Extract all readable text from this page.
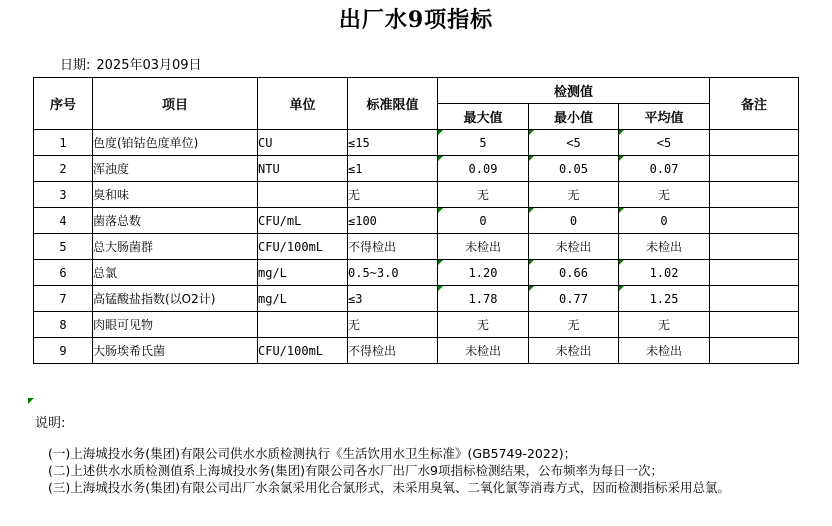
出厂水9项指标
日期: 2025年03月09日
序号	项目	单位	标准限值	检测值			备注
				最大值	最小值	平均值	
1	色度(铂钴色度单位)	CU	≤15	5	<5	<5	
2	浑浊度	NTU	≤1	0.09	0.05	0.07	
3	臭和味		无	无	无	无	
4	菌落总数	CFU/mL	≤100	0	0	0	
5	总大肠菌群	CFU/100mL	不得检出	未检出	未检出	未检出	
6	总氯	mg/L	0.5~3.0	1.20	0.66	1.02	
7	高锰酸盐指数(以O2计)	mg/L	≤3	1.78	0.77	1.25	
8	肉眼可见物		无	无	无	无	
9	大肠埃希氏菌	CFU/100mL	不得检出	未检出	未检出	未检出	
说明:
(一)上海城投水务(集团)有限公司供水水质检测执行《生活饮用水卫生标准》(GB5749-2022)；
(二)上述供水水质检测值系上海城投水务(集团)有限公司各水厂出厂水9项指标检测结果，公布频率为每日一次；
(三)上海城投水务(集团)有限公司出厂水余氯采用化合氯形式，未采用臭氧、二氧化氯等消毒方式，因而检测指标采用总氯。
